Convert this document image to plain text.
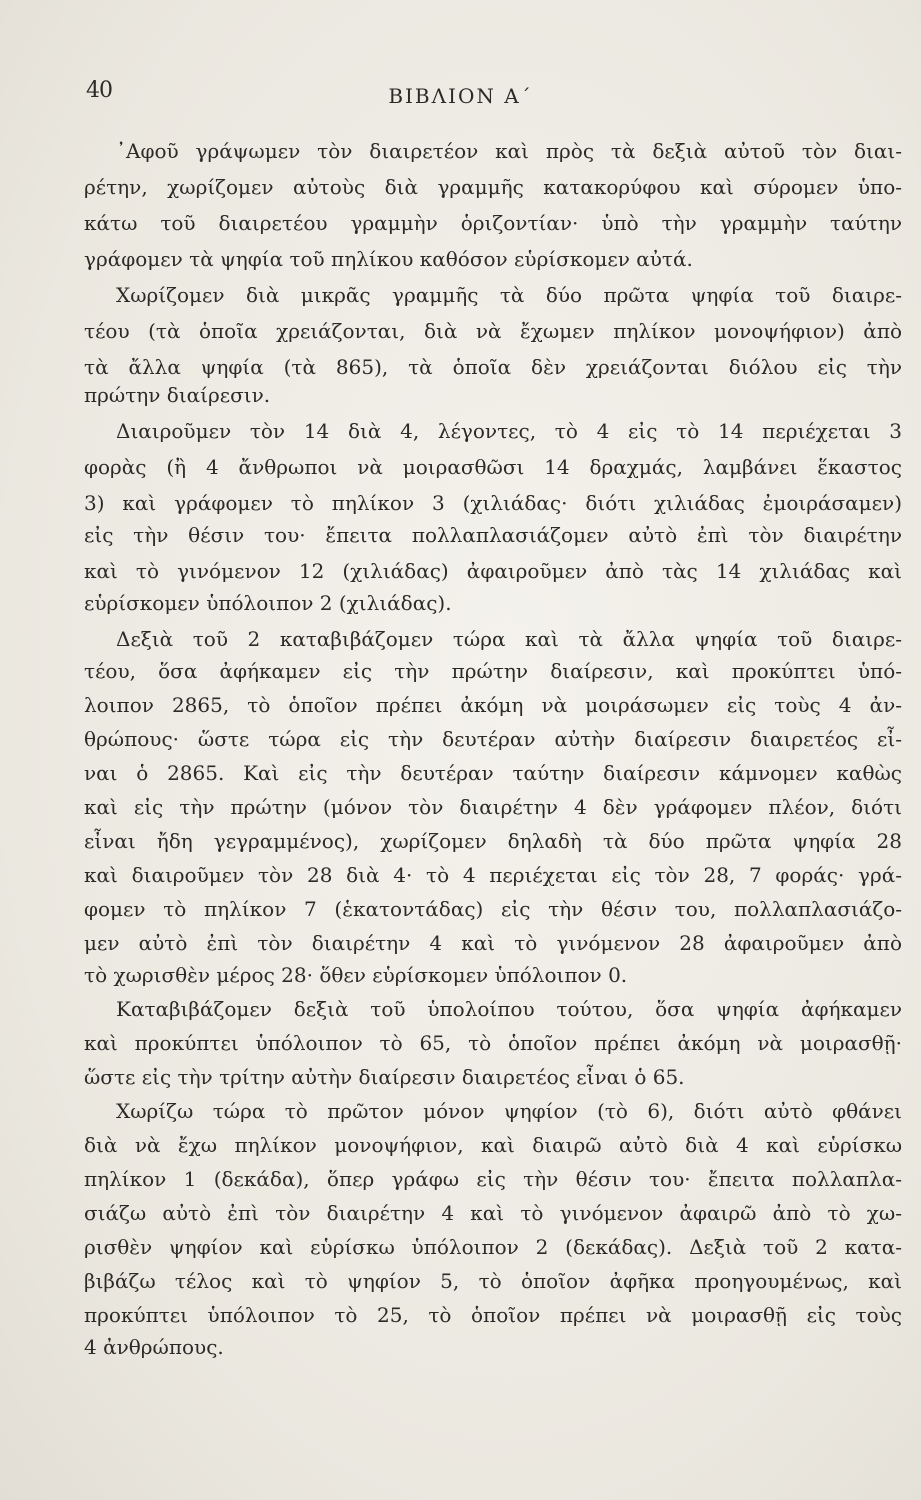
40	ΒΙΒΛΙΟΝ Α΄
᾿Αφοῦ γράψωμεν τὸν διαιρετέον καὶ πρὸς τὰ δεξιὰ αὐτοῦ τὸν διαι-
ρέτην, χωρίζομεν αὐτοὺς διὰ γραμμῆς κατακορύφου καὶ σύρομεν ὑπο-
κάτω τοῦ διαιρετέου γραμμὴν ὁριζοντίαν· ὑπὸ τὴν γραμμὴν ταύτην
γράφομεν τὰ ψηφία τοῦ πηλίκου καθόσον εὑρίσκομεν αὐτά.
Χωρίζομεν διὰ μικρᾶς γραμμῆς τὰ δύο πρῶτα ψηφία τοῦ διαιρε-
τέου (τὰ ὁποῖα χρειάζονται, διὰ νὰ ἔχωμεν πηλίκον μονοψήφιον) ἀπὸ
τὰ ἄλλα ψηφία (τὰ 865), τὰ ὁποῖα δὲν χρειάζονται διόλου εἰς τὴν
πρώτην διαίρεσιν.
Διαιροῦμεν τὸν 14 διὰ 4, λέγοντες, τὸ 4 εἰς τὸ 14 περιέχεται 3
φορὰς (ἢ 4 ἄνθρωποι νὰ μοιρασθῶσι 14 δραχμάς, λαμβάνει ἕκαστος
3) καὶ γράφομεν τὸ πηλίκον 3 (χιλιάδας· διότι χιλιάδας ἐμοιράσαμεν)
εἰς τὴν θέσιν του· ἔπειτα πολλαπλασιάζομεν αὐτὸ ἐπὶ τὸν διαιρέτην
καὶ τὸ γινόμενον 12 (χιλιάδας) ἀφαιροῦμεν ἀπὸ τὰς 14 χιλιάδας καὶ
εὑρίσκομεν ὑπόλοιπον 2 (χιλιάδας).
Δεξιὰ τοῦ 2 καταβιβάζομεν τώρα καὶ τὰ ἄλλα ψηφία τοῦ διαιρε-
τέου, ὅσα ἀφήκαμεν εἰς τὴν πρώτην διαίρεσιν, καὶ προκύπτει ὑπό-
λοιπον 2865, τὸ ὁποῖον πρέπει ἀκόμη νὰ μοιράσωμεν εἰς τοὺς 4 ἀν-
θρώπους· ὥστε τώρα εἰς τὴν δευτέραν αὐτὴν διαίρεσιν διαιρετέος εἶ-
ναι ὁ 2865. Καὶ εἰς τὴν δευτέραν ταύτην διαίρεσιν κάμνομεν καθὼς
καὶ εἰς τὴν πρώτην (μόνον τὸν διαιρέτην 4 δὲν γράφομεν πλέον, διότι
εἶναι ἤδη γεγραμμένος), χωρίζομεν δηλαδὴ τὰ δύο πρῶτα ψηφία 28
καὶ διαιροῦμεν τὸν 28 διὰ 4· τὸ 4 περιέχεται εἰς τὸν 28, 7 φοράς· γρά-
φομεν τὸ πηλίκον 7 (ἑκατοντάδας) εἰς τὴν θέσιν του, πολλαπλασιάζο-
μεν αὐτὸ ἐπὶ τὸν διαιρέτην 4 καὶ τὸ γινόμενον 28 ἀφαιροῦμεν ἀπὸ
τὸ χωρισθὲν μέρος 28· ὅθεν εὑρίσκομεν ὑπόλοιπον 0.
Καταβιβάζομεν δεξιὰ τοῦ ὑπολοίπου τούτου, ὅσα ψηφία ἀφήκαμεν
καὶ προκύπτει ὑπόλοιπον τὸ 65, τὸ ὁποῖον πρέπει ἀκόμη νὰ μοιρασθῇ·
ὥστε εἰς τὴν τρίτην αὐτὴν διαίρεσιν διαιρετέος εἶναι ὁ 65.
Χωρίζω τώρα τὸ πρῶτον μόνον ψηφίον (τὸ 6), διότι αὐτὸ φθάνει
διὰ νὰ ἔχω πηλίκον μονοψήφιον, καὶ διαιρῶ αὐτὸ διὰ 4 καὶ εὑρίσκω
πηλίκον 1 (δεκάδα), ὅπερ γράφω εἰς τὴν θέσιν του· ἔπειτα πολλαπλα-
σιάζω αὐτὸ ἐπὶ τὸν διαιρέτην 4 καὶ τὸ γινόμενον ἀφαιρῶ ἀπὸ τὸ χω-
ρισθὲν ψηφίον καὶ εὑρίσκω ὑπόλοιπον 2 (δεκάδας). Δεξιὰ τοῦ 2 κατα-
βιβάζω τέλος καὶ τὸ ψηφίον 5, τὸ ὁποῖον ἀφῆκα προηγουμένως, καὶ
προκύπτει ὑπόλοιπον τὸ 25, τὸ ὁποῖον πρέπει νὰ μοιρασθῇ εἰς τοὺς
4 ἀνθρώπους.
